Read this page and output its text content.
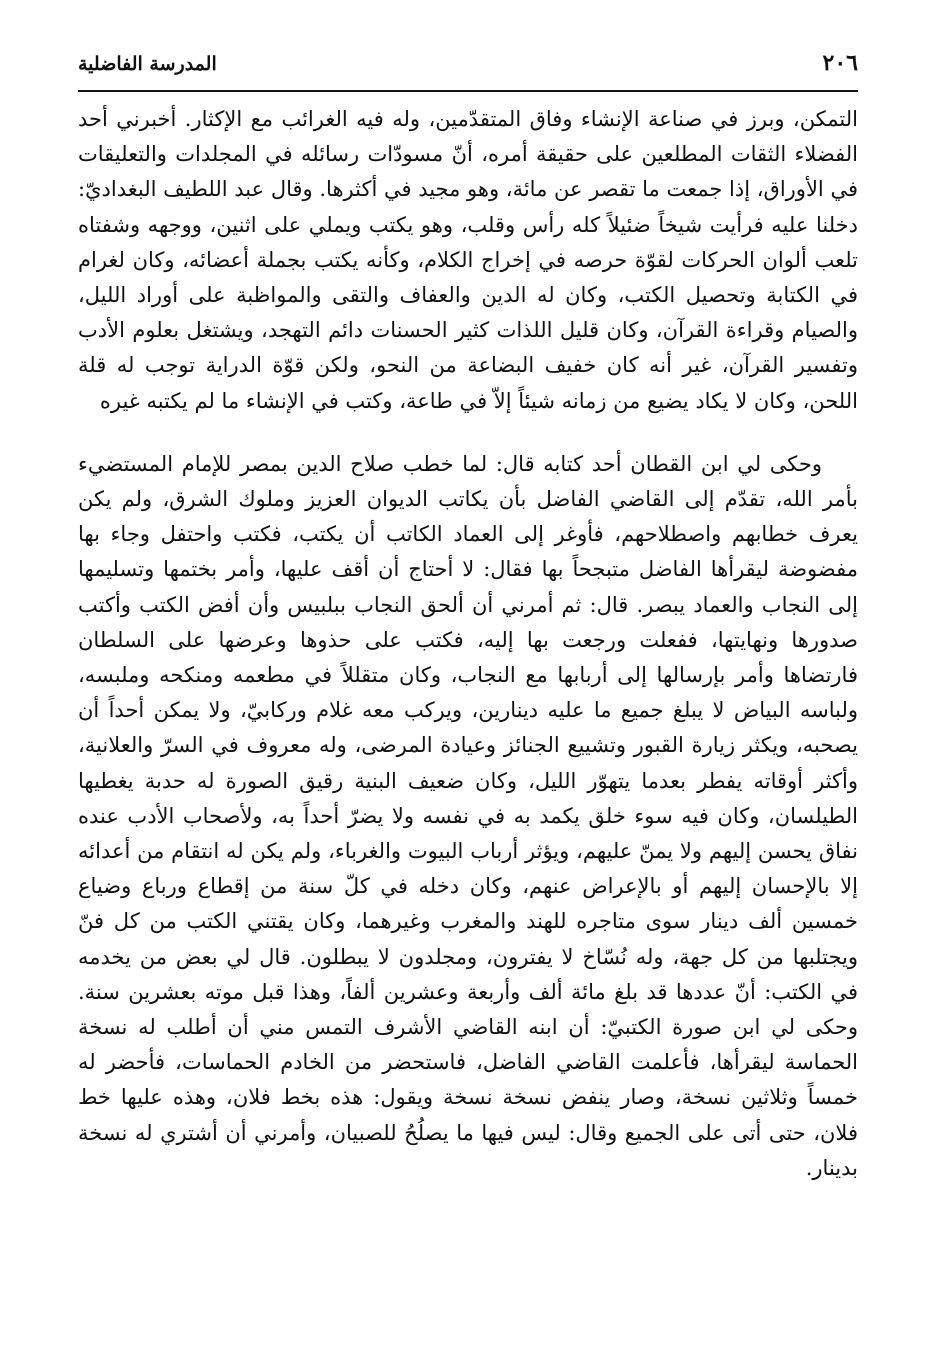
٢٠٦
المدرسة الفاضلية

التمكن، وبرز في صناعة الإنشاء وفاق المتقدّمين، وله فيه الغرائب مع الإكثار. أخبرني أحد الفضلاء الثقات المطلعين على حقيقة أمره، أنّ مسودّات رسائله في المجلدات والتعليقات في الأوراق، إذا جمعت ما تقصر عن مائة، وهو مجيد في أكثرها. وقال عبد اللطيف البغداديّ: دخلنا عليه فرأيت شيخاً ضئيلاً كله رأس وقلب، وهو يكتب ويملي على اثنين، ووجهه وشفتاه تلعب ألوان الحركات لقوّة حرصه في إخراج الكلام، وكأنه يكتب بجملة أعضائه، وكان لغرام في الكتابة وتحصيل الكتب، وكان له الدين والعفاف والتقى والمواظبة على أوراد الليل، والصيام وقراءة القرآن، وكان قليل اللذات كثير الحسنات دائم التهجد، ويشتغل بعلوم الأدب وتفسير القرآن، غير أنه كان خفيف البضاعة من النحو، ولكن قوّة الدراية توجب له قلة اللحن، وكان لا يكاد يضيع من زمانه شيئاً إلاّ في طاعة، وكتب في الإنشاء ما لم يكتبه غيره

وحكى لي ابن القطان أحد كتابه قال: لما خطب صلاح الدين بمصر للإمام المستضيء بأمر الله، تقدّم إلى القاضي الفاضل بأن يكاتب الديوان العزيز وملوك الشرق، ولم يكن يعرف خطابهم واصطلاحهم، فأوغر إلى العماد الكاتب أن يكتب، فكتب واحتفل وجاء بها مفضوضة ليقرأها الفاضل متبجحاً بها فقال: لا أحتاج أن أقف عليها، وأمر بختمها وتسليمها إلى النجاب والعماد يبصر. قال: ثم أمرني أن ألحق النجاب ببلبيس وأن أفض الكتب وأكتب صدورها ونهايتها، ففعلت ورجعت بها إليه، فكتب على حذوها وعرضها على السلطان فارتضاها وأمر بإرسالها إلى أربابها مع النجاب، وكان متقللاً في مطعمه ومنكحه وملبسه، ولباسه البياض لا يبلغ جميع ما عليه دينارين، ويركب معه غلام وركابيّ، ولا يمكن أحداً أن يصحبه، ويكثر زيارة القبور وتشييع الجنائز وعيادة المرضى، وله معروف في السرّ والعلانية، وأكثر أوقاته يفطر بعدما يتهوّر الليل، وكان ضعيف البنية رقيق الصورة له حدبة يغطيها الطيلسان، وكان فيه سوء خلق يكمد به في نفسه ولا يضرّ أحداً به، ولأصحاب الأدب عنده نفاق يحسن إليهم ولا يمنّ عليهم، ويؤثر أرباب البيوت والغرباء، ولم يكن له انتقام من أعدائه إلا بالإحسان إليهم أو بالإعراض عنهم، وكان دخله في كلّ سنة من إقطاع ورباع وضياع خمسين ألف دينار سوى متاجره للهند والمغرب وغيرهما، وكان يقتني الكتب من كل فنّ ويجتلبها من كل جهة، وله نُسّاخ لا يفترون، ومجلدون لا يبطلون. قال لي بعض من يخدمه في الكتب: أنّ عددها قد بلغ مائة ألف وأربعة وعشرين ألفاً، وهذا قبل موته بعشرين سنة. وحكى لي ابن صورة الكتبيّ: أن ابنه القاضي الأشرف التمس مني أن أطلب له نسخة الحماسة ليقرأها، فأعلمت القاضي الفاضل، فاستحضر من الخادم الحماسات، فأحضر له خمساً وثلاثين نسخة، وصار ينفض نسخة نسخة ويقول: هذه بخط فلان، وهذه عليها خط فلان، حتى أتى على الجميع وقال: ليس فيها ما يصلُحُ للصبيان، وأمرني أن أشتري له نسخة بدينار.
